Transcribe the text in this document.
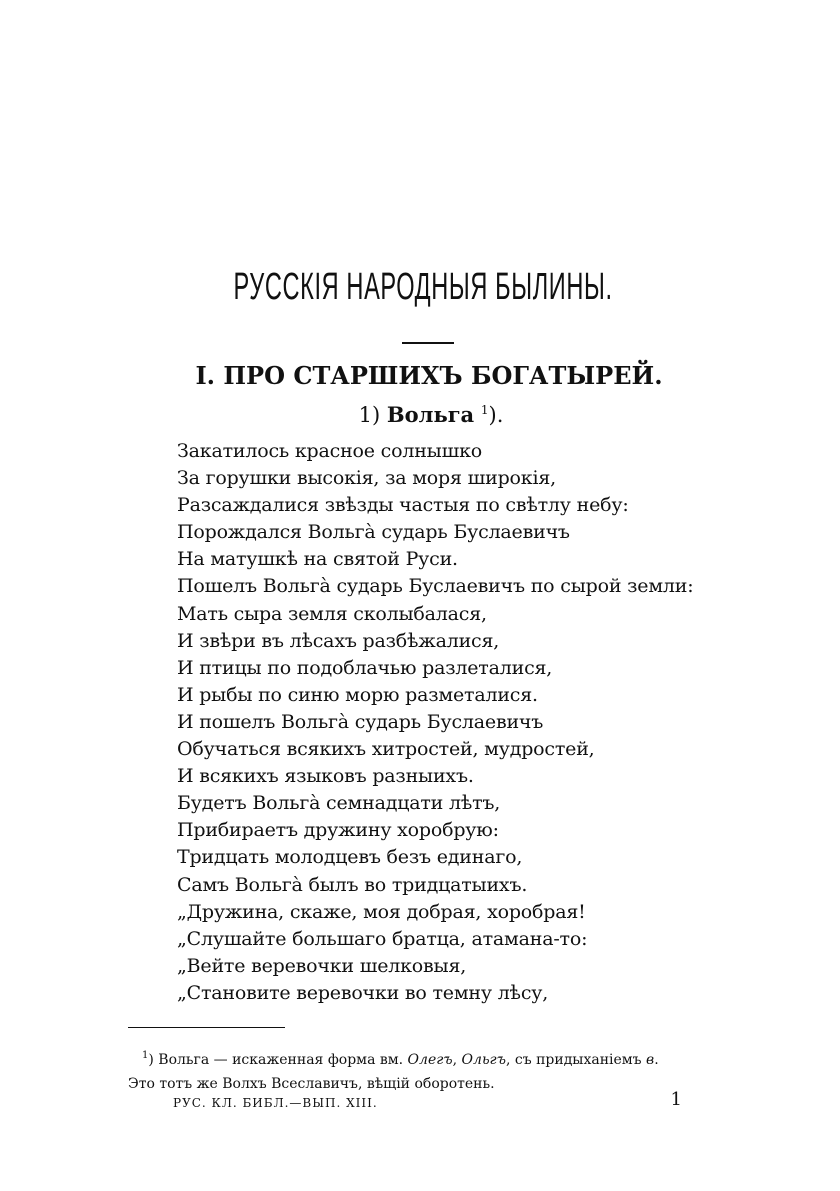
РУССКІЯ НАРОДНЫЯ БЫЛИНЫ.
I. ПРО СТАРШИХЪ БОГАТЫРЕЙ.
1) Вольга $^1$).
Закатилось красное солнышко
За горушки высокія, за моря широкія,
Разсаждалися звѣзды частыя по свѣтлу небу:
Порождался Вольга̀ сударь Буслаевичъ
На матушкѣ на святой Руси.
Пошелъ Вольга̀ сударь Буслаевичъ по сырой земли:
Мать сыра земля сколыбалася,
И звѣри въ лѣсахъ разбѣжалися,
И птицы по подоблачью разлеталися,
И рыбы по синю морю разметалися.
И пошелъ Вольга̀ сударь Буслаевичъ
Обучаться всякихъ хитростей, мудростей,
И всякихъ языковъ разныихъ.
Будетъ Вольга̀ семнадцати лѣтъ,
Прибираетъ дружину хоробрую:
Тридцать молодцевъ безъ единаго,
Самъ Вольга̀ былъ во тридцатыихъ.
„Дружина, скаже, моя добрая, хоробрая!
„Слушайте большаго братца, атамана-то:
„Вейте веревочки шелковыя,
„Становите веревочки во темну лѣсу,
$^1$) Вольга — искаженная форма вм. Олегъ, Ольгъ, съ придыханіемъ в.
Это тотъ же Волхъ Всеславичъ, вѣщій оборотень.
РУС. КЛ. БИБЛ.—ВЫП. XIII.	1
